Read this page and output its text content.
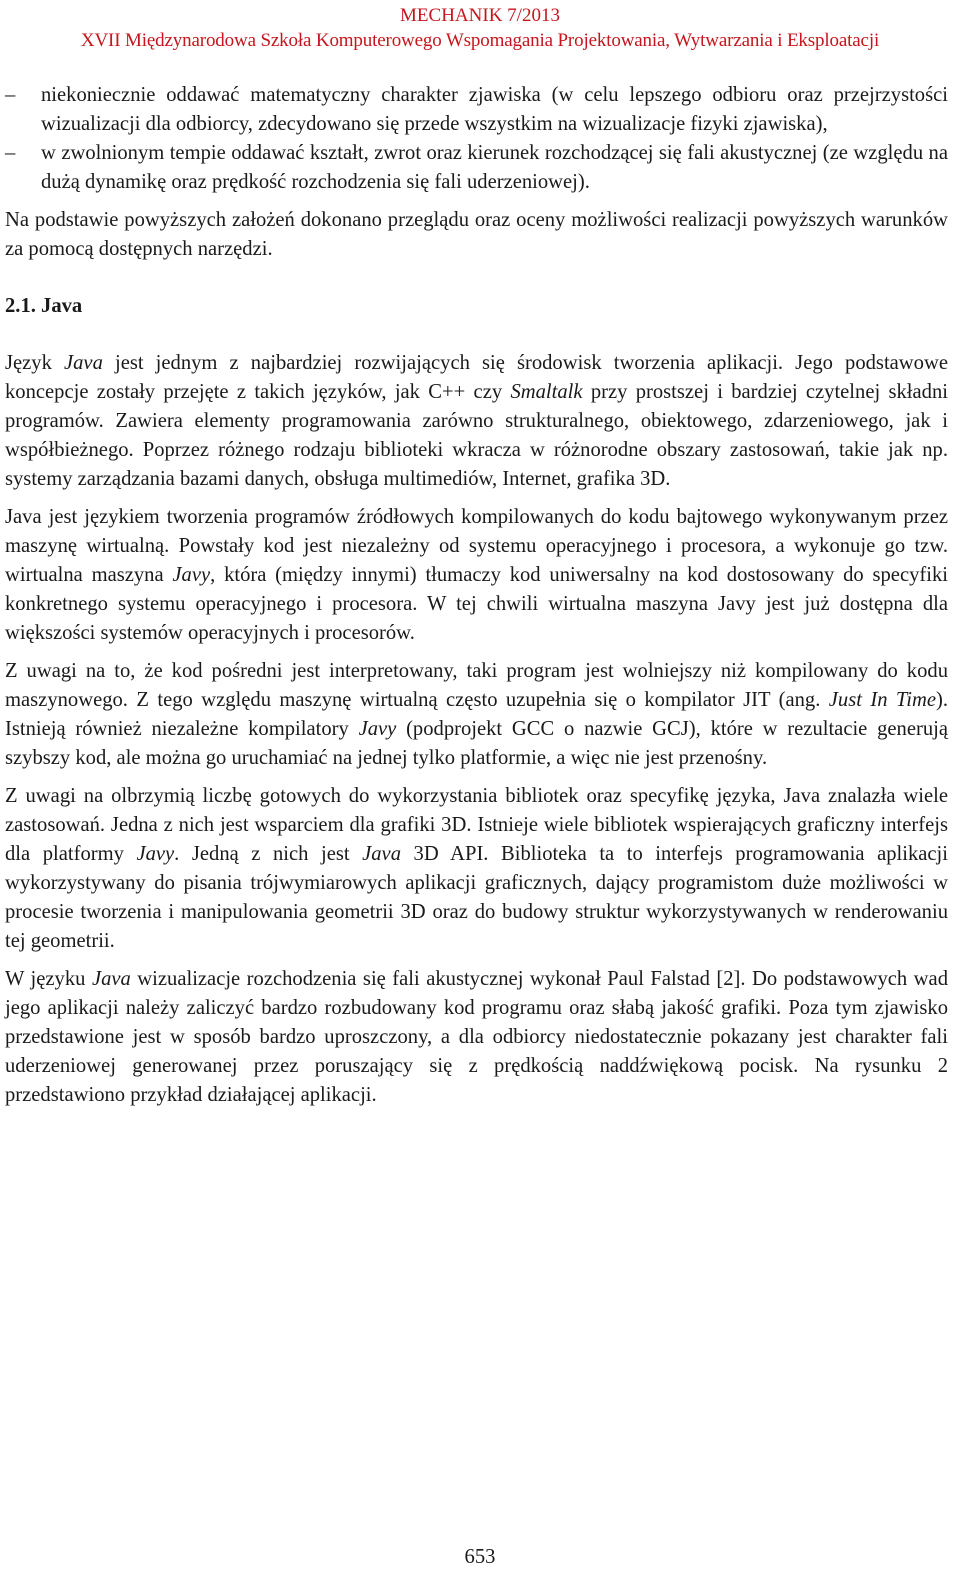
MECHANIK 7/2013
XVII Międzynarodowa Szkoła Komputerowego Wspomagania Projektowania, Wytwarzania i Eksploatacji
– niekoniecznie oddawać matematyczny charakter zjawiska (w celu lepszego odbioru oraz przejrzystości wizualizacji dla odbiorcy, zdecydowano się przede wszystkim na wizualizacje fizyki zjawiska),
– w zwolnionym tempie oddawać kształt, zwrot oraz kierunek rozchodzącej się fali akustycznej (ze względu na dużą dynamikę oraz prędkość rozchodzenia się fali uderzeniowej).

Na podstawie powyższych założeń dokonano przeglądu oraz oceny możliwości realizacji powyższych warunków za pomocą dostępnych narzędzi.

2.1. Java

Język Java jest jednym z najbardziej rozwijających się środowisk tworzenia aplikacji. Jego podstawowe koncepcje zostały przejęte z takich języków, jak C++ czy Smaltalk przy prostszej i bardziej czytelnej składni programów. Zawiera elementy programowania zarówno strukturalnego, obiektowego, zdarzeniowego, jak i współbieżnego. Poprzez różnego rodzaju biblioteki wkracza w różnorodne obszary zastosowań, takie jak np. systemy zarządzania bazami danych, obsługa multimediów, Internet, grafika 3D.

Java jest językiem tworzenia programów źródłowych kompilowanych do kodu bajtowego wykonywanym przez maszynę wirtualną. Powstały kod jest niezależny od systemu operacyjnego i procesora, a wykonuje go tzw. wirtualna maszyna Javy, która (między innymi) tłumaczy kod uniwersalny na kod dostosowany do specyfiki konkretnego systemu operacyjnego i procesora. W tej chwili wirtualna maszyna Javy jest już dostępna dla większości systemów operacyjnych i procesorów.

Z uwagi na to, że kod pośredni jest interpretowany, taki program jest wolniejszy niż kompilowany do kodu maszynowego. Z tego względu maszynę wirtualną często uzupełnia się o kompilator JIT (ang. Just In Time). Istnieją również niezależne kompilatory Javy (podprojekt GCC o nazwie GCJ), które w rezultacie generują szybszy kod, ale można go uruchamiać na jednej tylko platformie, a więc nie jest przenośny.

Z uwagi na olbrzymią liczbę gotowych do wykorzystania bibliotek oraz specyfikę języka, Java znalazła wiele zastosowań. Jedna z nich jest wsparciem dla grafiki 3D. Istnieje wiele bibliotek wspierających graficzny interfejs dla platformy Javy. Jedną z nich jest Java 3D API. Biblioteka ta to interfejs programowania aplikacji wykorzystywany do pisania trójwymiarowych aplikacji graficznych, dający programistom duże możliwości w procesie tworzenia i manipulowania geometrii 3D oraz do budowy struktur wykorzystywanych w renderowaniu tej geometrii.

W języku Java wizualizacje rozchodzenia się fali akustycznej wykonał Paul Falstad [2]. Do podstawowych wad jego aplikacji należy zaliczyć bardzo rozbudowany kod programu oraz słabą jakość grafiki. Poza tym zjawisko przedstawione jest w sposób bardzo uproszczony, a dla odbiorcy niedostatecznie pokazany jest charakter fali uderzeniowej generowanej przez poruszający się z prędkością naddźwiękową pocisk. Na rysunku 2 przedstawiono przykład działającej aplikacji.

653
